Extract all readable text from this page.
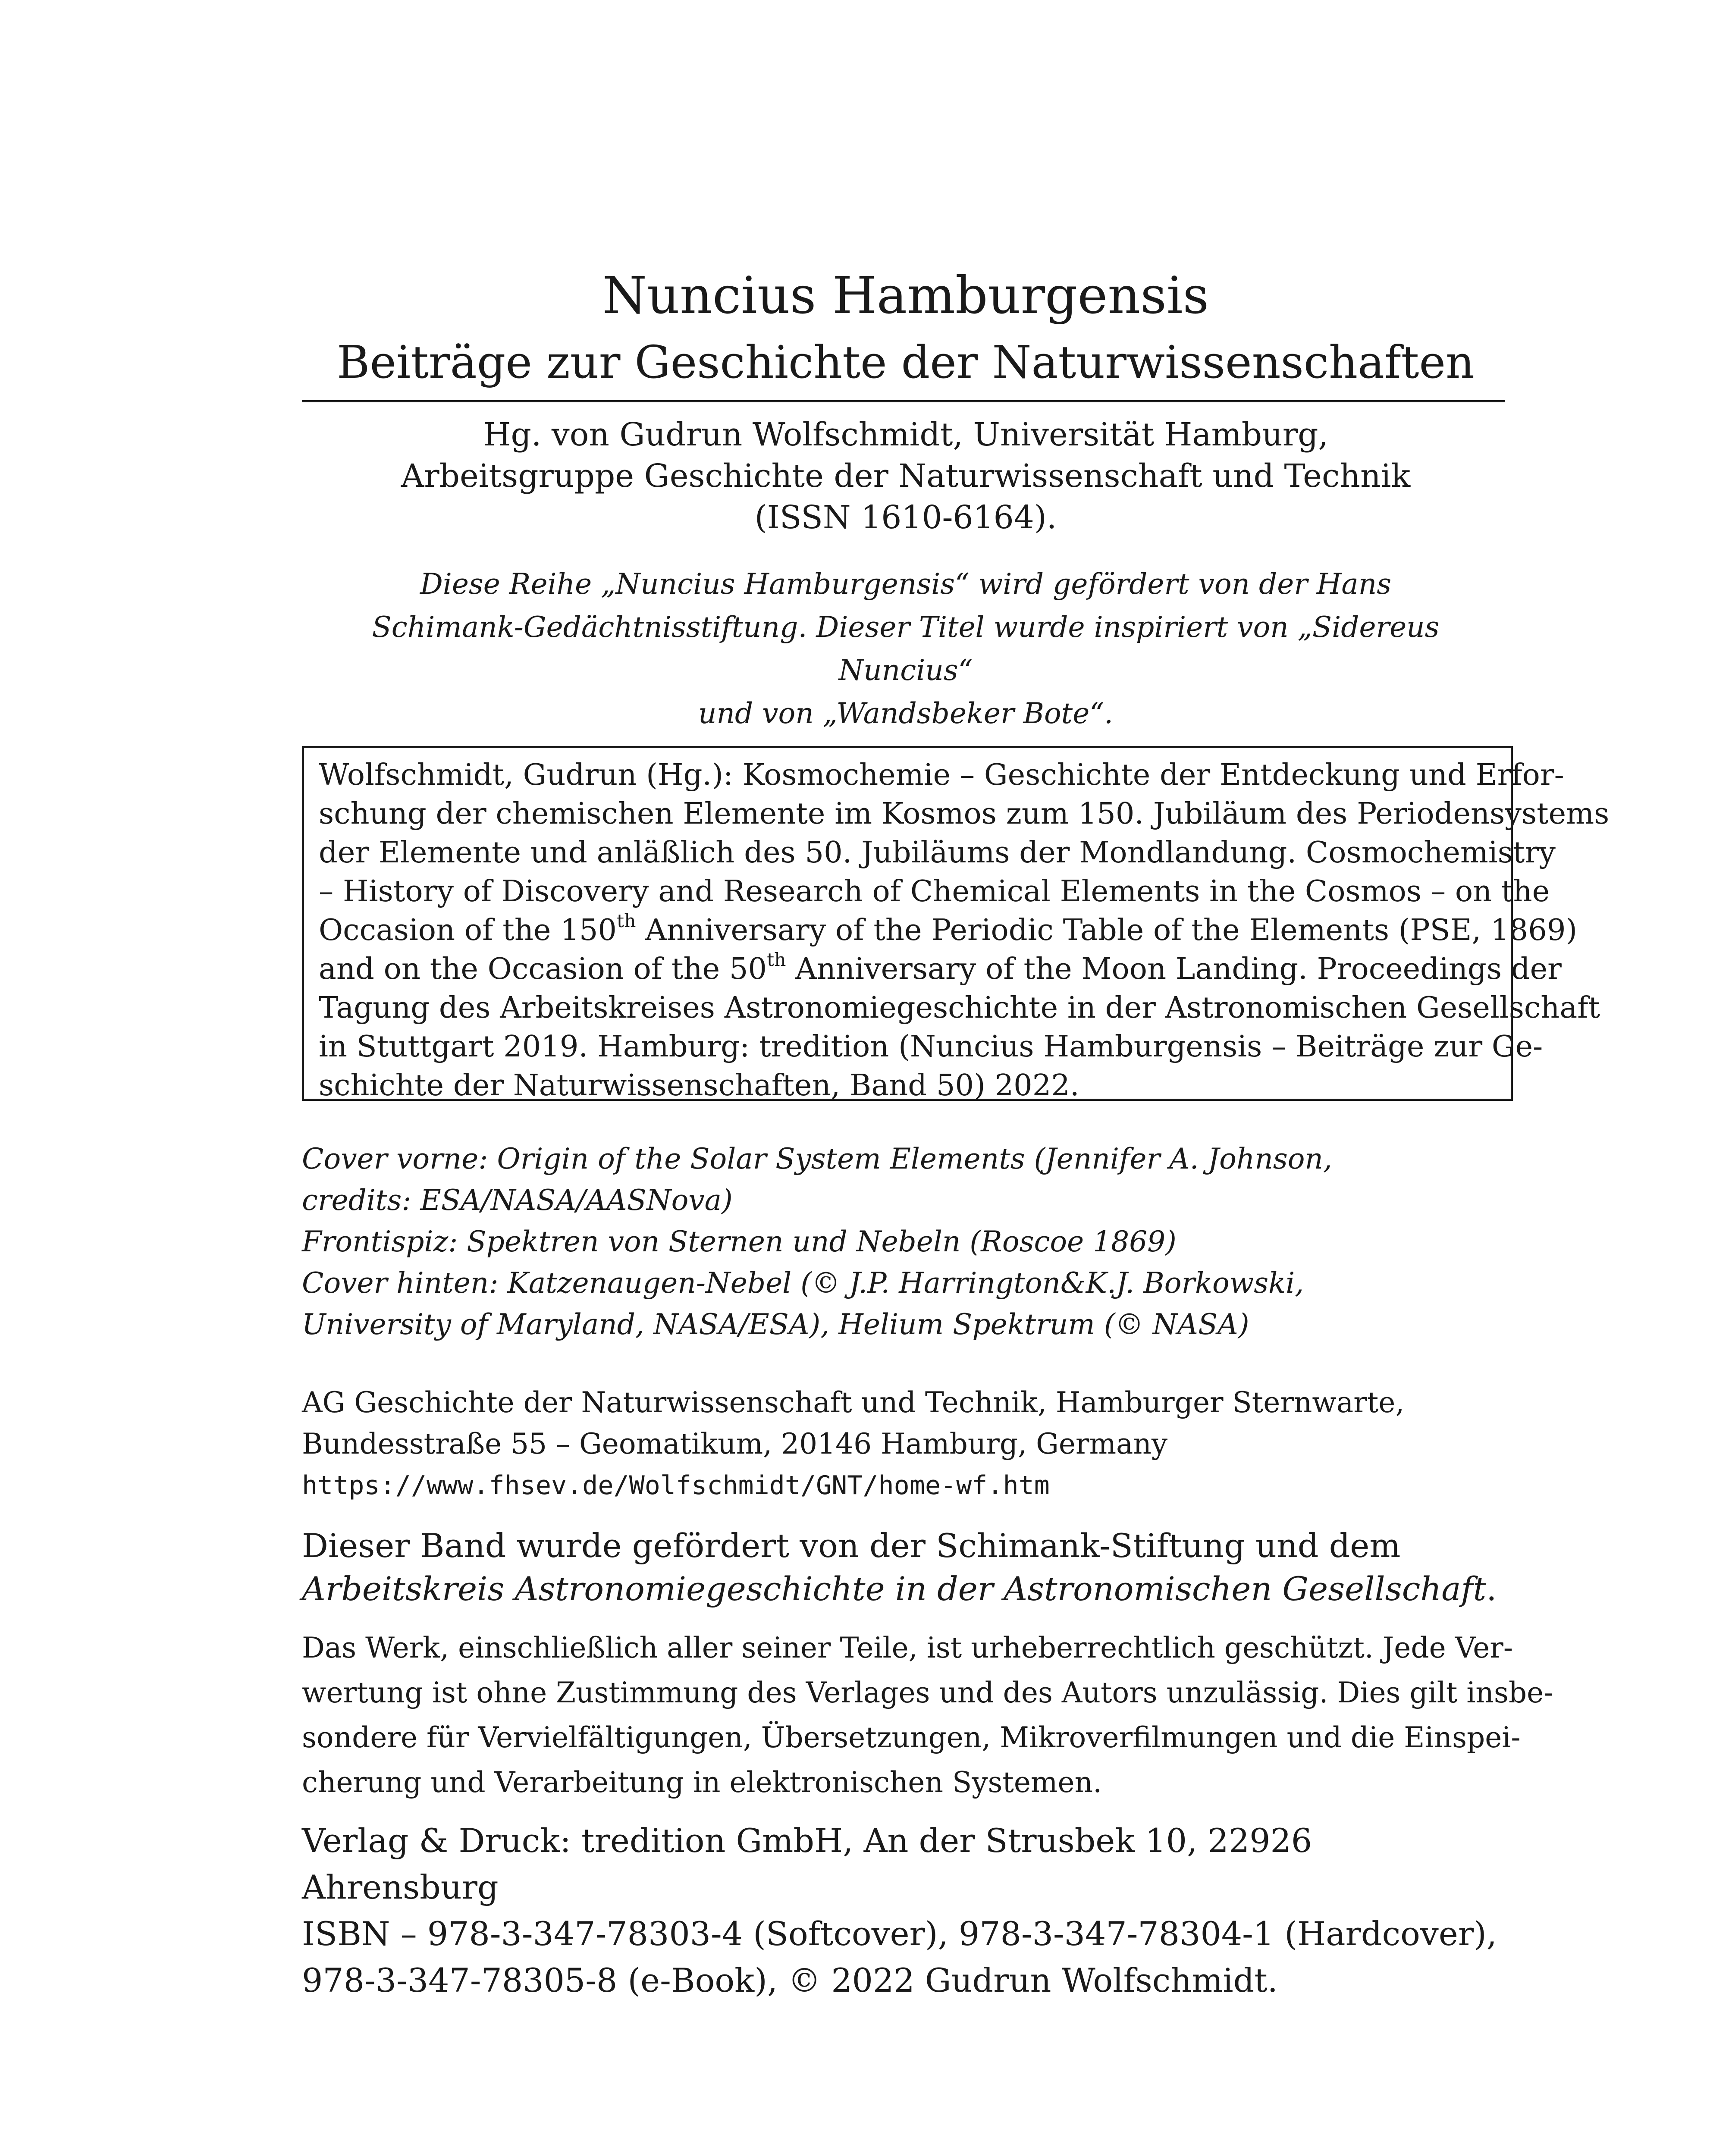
Nuncius Hamburgensis
Beiträge zur Geschichte der Naturwissenschaften
Hg. von Gudrun Wolfschmidt, Universität Hamburg,
Arbeitsgruppe Geschichte der Naturwissenschaft und Technik
(ISSN 1610-6164).
Diese Reihe „Nuncius Hamburgensis“ wird gefördert von der Hans
Schimank-Gedächtnisstiftung. Dieser Titel wurde inspiriert von „Sidereus Nuncius“
und von „Wandsbeker Bote“.
Wolfschmidt, Gudrun (Hg.): Kosmochemie – Geschichte der Entdeckung und Erfor-
schung der chemischen Elemente im Kosmos zum 150. Jubiläum des Periodensystems
der Elemente und anläßlich des 50. Jubiläums der Mondlandung. Cosmochemistry
– History of Discovery and Research of Chemical Elements in the Cosmos – on the
Occasion of the 150th Anniversary of the Periodic Table of the Elements (PSE, 1869)
and on the Occasion of the 50th Anniversary of the Moon Landing. Proceedings der
Tagung des Arbeitskreises Astronomiegeschichte in der Astronomischen Gesellschaft
in Stuttgart 2019. Hamburg: tredition (Nuncius Hamburgensis – Beiträge zur Ge-
schichte der Naturwissenschaften, Band 50) 2022.
Cover vorne: Origin of the Solar System Elements (Jennifer A. Johnson,
credits: ESA/NASA/AASNova)
Frontispiz: Spektren von Sternen und Nebeln (Roscoe 1869)
Cover hinten: Katzenaugen-Nebel (© J.P. Harrington&K.J. Borkowski,
University of Maryland, NASA/ESA), Helium Spektrum (© NASA)
AG Geschichte der Naturwissenschaft und Technik, Hamburger Sternwarte,
Bundesstraße 55 – Geomatikum, 20146 Hamburg, Germany
https://www.fhsev.de/Wolfschmidt/GNT/home-wf.htm
Dieser Band wurde gefördert von der Schimank-Stiftung und dem
Arbeitskreis Astronomiegeschichte in der Astronomischen Gesellschaft.
Das Werk, einschließlich aller seiner Teile, ist urheberrechtlich geschützt. Jede Ver-
wertung ist ohne Zustimmung des Verlages und des Autors unzulässig. Dies gilt insbe-
sondere für Vervielfältigungen, Übersetzungen, Mikroverfilmungen und die Einspei-
cherung und Verarbeitung in elektronischen Systemen.
Verlag & Druck: tredition GmbH, An der Strusbek 10, 22926 Ahrensburg
ISBN – 978-3-347-78303-4 (Softcover), 978-3-347-78304-1 (Hardcover),
978-3-347-78305-8 (e-Book), © 2022 Gudrun Wolfschmidt.
